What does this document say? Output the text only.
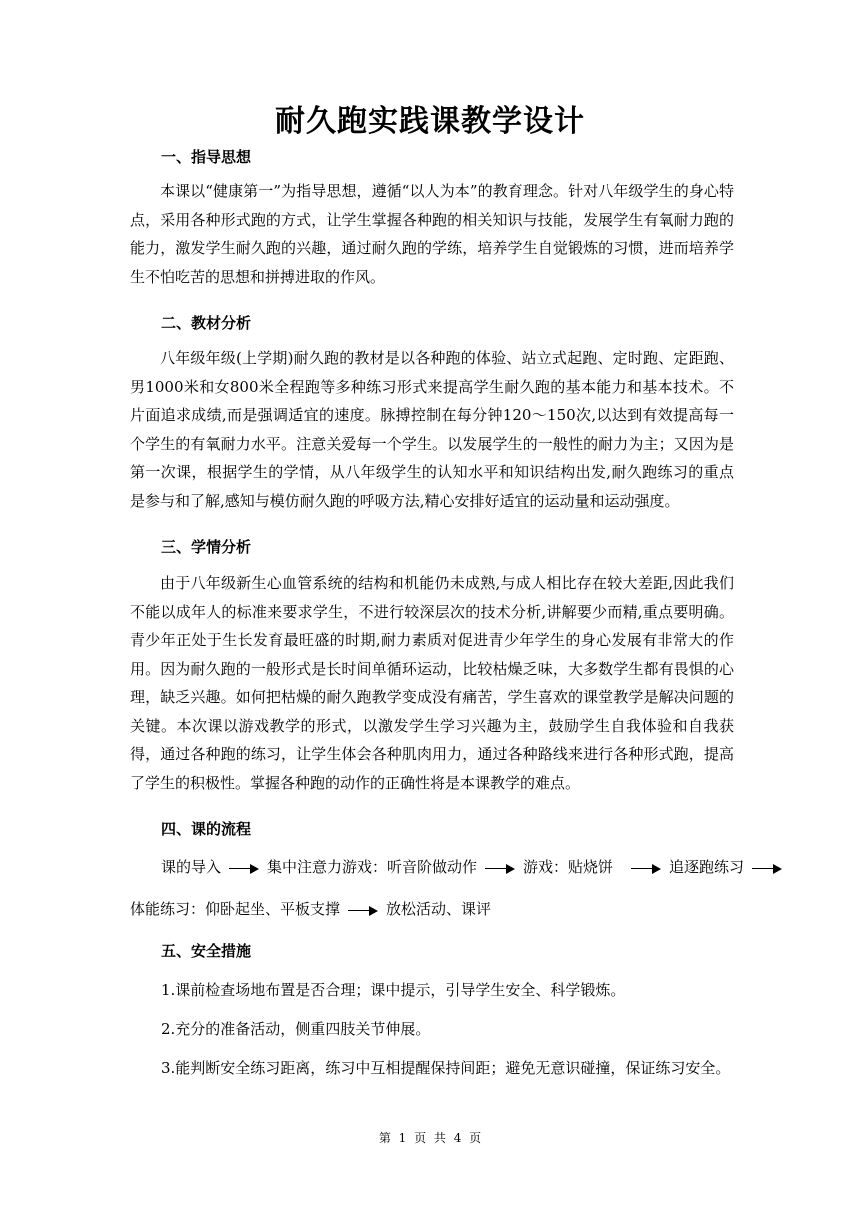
耐久跑实践课教学设计
一、指导思想

本课以“健康第一”为指导思想，遵循“以人为本”的教育理念。针对八年级学生的身心特点，采用各种形式跑的方式，让学生掌握各种跑的相关知识与技能，发展学生有氧耐力跑的能力，激发学生耐久跑的兴趣，通过耐久跑的学练，培养学生自觉锻炼的习惯，进而培养学生不怕吃苦的思想和拼搏进取的作风。

二、教材分析

八年级年级(上学期)耐久跑的教材是以各种跑的体验、站立式起跑、定时跑、定距跑、男1000米和女800米全程跑等多种练习形式来提高学生耐久跑的基本能力和基本技术。不片面追求成绩,而是强调适宜的速度。脉搏控制在每分钟120～150次,以达到有效提高每一个学生的有氧耐力水平。注意关爱每一个学生。以发展学生的一般性的耐力为主；又因为是第一次课，根据学生的学情，从八年级学生的认知水平和知识结构出发,耐久跑练习的重点是参与和了解,感知与模仿耐久跑的呼吸方法,精心安排好适宜的运动量和运动强度。

三、学情分析

由于八年级新生心血管系统的结构和机能仍未成熟,与成人相比存在较大差距,因此我们不能以成年人的标准来要求学生，不进行较深层次的技术分析,讲解要少而精,重点要明确。青少年正处于生长发育最旺盛的时期,耐力素质对促进青少年学生的身心发展有非常大的作用。因为耐久跑的一般形式是长时间单循环运动，比较枯燥乏味，大多数学生都有畏惧的心理，缺乏兴趣。如何把枯燥的耐久跑教学变成没有痛苦，学生喜欢的课堂教学是解决问题的关键。本次课以游戏教学的形式，以激发学生学习兴趣为主，鼓励学生自我体验和自我获得，通过各种跑的练习，让学生体会各种肌肉用力，通过各种路线来进行各种形式跑，提高了学生的积极性。掌握各种跑的动作的正确性将是本课教学的难点。

四、课的流程
课的导入	集中注意力游戏：听音阶做动作	游戏：贴烧饼	追逐跑练习
体能练习：仰卧起坐、平板支撑	放松活动、课评
五、安全措施

1.课前检查场地布置是否合理；课中提示，引导学生安全、科学锻炼。

2.充分的准备活动，侧重四肢关节伸展。

3.能判断安全练习距离，练习中互相提醒保持间距；避免无意识碰撞，保证练习安全。

第 1 页 共 4 页
